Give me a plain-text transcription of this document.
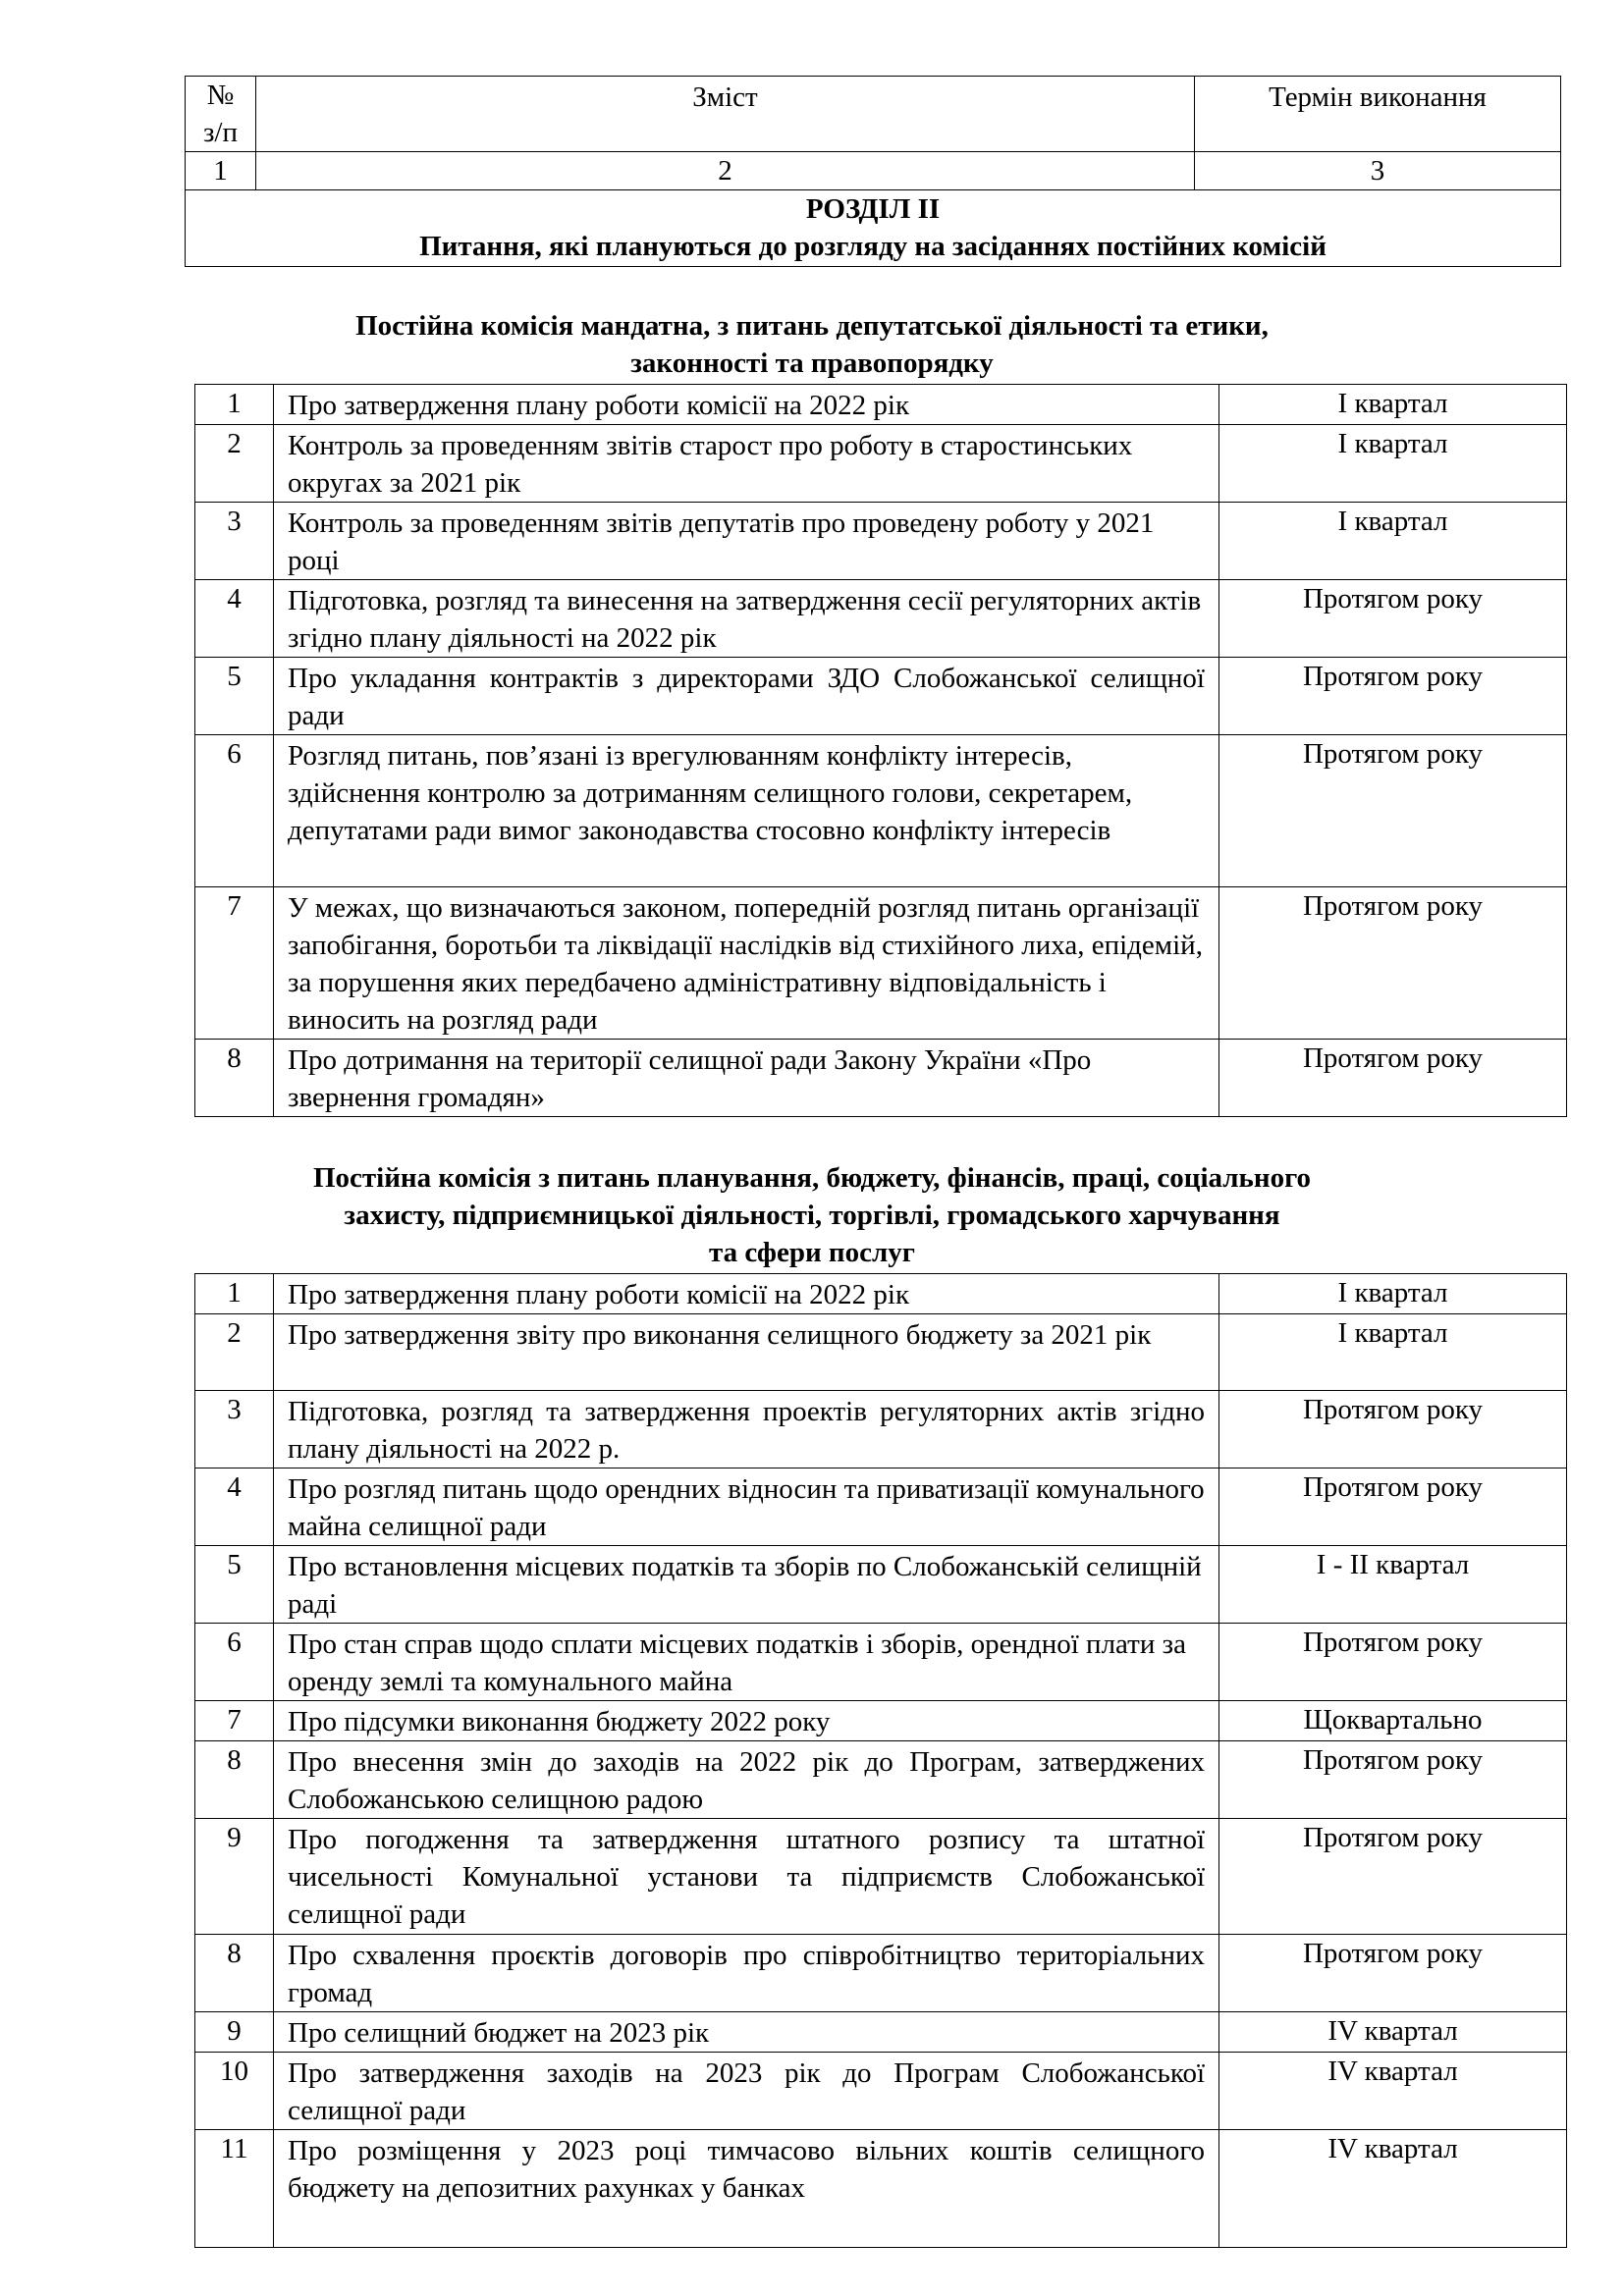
№ з/п	Зміст	Термін виконання
1	2	3

РОЗДІЛ ІІ
Питання, які плануються до розгляду на засіданнях постійних комісій		
Постійна комісія мандатна, з питань депутатської діяльності та етики,
законності та правопорядку
1	Про затвердження плану роботи комісії на 2022 рік	І квартал
2	Контроль за проведенням звітів старост про роботу в старостинських округах за 2021 рік	І квартал
3	Контроль за проведенням звітів депутатів про проведену роботу у 2021 році	І квартал
4	Підготовка, розгляд та винесення на затвердження сесії регуляторних актів згідно плану діяльності на 2022 рік	Протягом року
5	Про укладання контрактів з директорами ЗДО Слобожанської селищної ради	Протягом року
6	Розгляд питань, пов’язані із врегулюванням конфлікту інтересів, здійснення контролю за дотриманням селищного голови, секретарем, депутатами ради вимог законодавства стосовно конфлікту інтересів	Протягом року
7	У межах, що визначаються законом, попередній розгляд питань організації запобігання, боротьби та ліквідації наслідків від стихійного лиха, епідемій, за порушення яких передбачено адміністративну відповідальність і виносить на розгляд ради	Протягом року
8	Про дотримання на території селищної ради Закону України «Про звернення громадян»	Протягом року
Постійна комісія з питань планування, бюджету, фінансів, праці, соціального
захисту, підприємницької діяльності, торгівлі, громадського харчування
та сфери послуг
1	Про затвердження плану роботи комісії на 2022 рік	І квартал
2	Про затвердження звіту про виконання селищного бюджету за 2021 рік	І квартал
3	Підготовка, розгляд та затвердження проектів регуляторних актів згідно плану діяльності на 2022 р.	Протягом року
4	Про розгляд питань щодо орендних відносин та приватизації комунального майна селищної ради	Протягом року
5	Про встановлення місцевих податків та зборів по Слобожанській селищній раді	І - ІІ квартал
6	Про стан справ щодо сплати місцевих податків і зборів, орендної плати за оренду землі та комунального майна	Протягом року
7	Про підсумки виконання бюджету 2022 року	Щоквартально
8	Про внесення змін до заходів на 2022 рік до Програм, затверджених Слобожанською селищною радою	Протягом року
9	Про погодження та затвердження штатного розпису та штатної чисельності Комунальної установи та підприємств Слобожанської селищної ради	Протягом року
8	Про схвалення проєктів договорів про співробітництво територіальних громад	Протягом року
9	Про селищний бюджет на 2023 рік	IV квартал
10	Про затвердження заходів на 2023 рік до Програм Слобожанської селищної ради	IV квартал
11	Про розміщення у 2023 році тимчасово вільних коштів селищного бюджету на депозитних рахунках у банках	IV квартал
